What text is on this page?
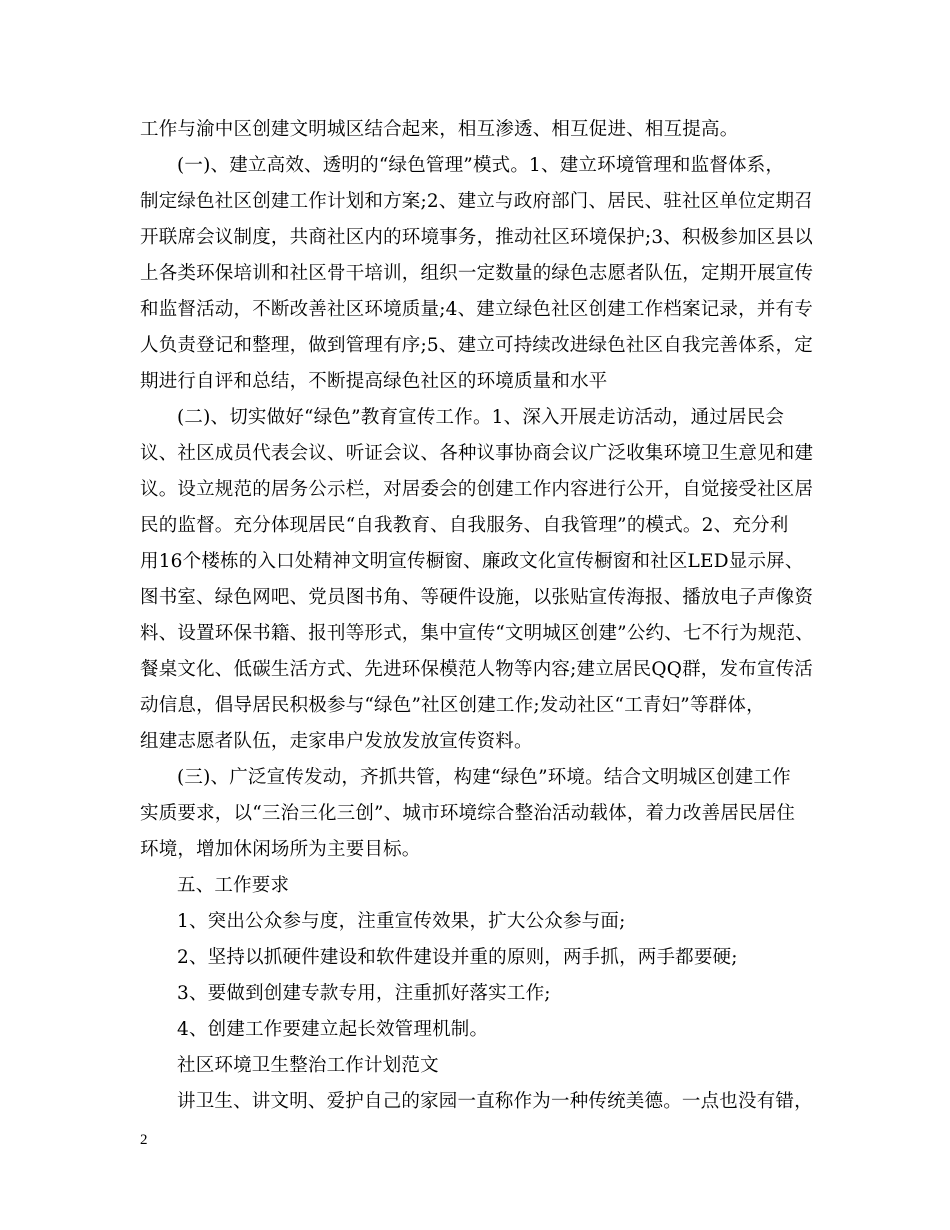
工作与渝中区创建文明城区结合起来，相互渗透、相互促进、相互提高。
(一)、建立高效、透明的“绿色管理”模式。1、建立环境管理和监督体系，
制定绿色社区创建工作计划和方案;2、建立与政府部门、居民、驻社区单位定期召
开联席会议制度，共商社区内的环境事务，推动社区环境保护;3、积极参加区县以
上各类环保培训和社区骨干培训，组织一定数量的绿色志愿者队伍，定期开展宣传
和监督活动，不断改善社区环境质量;4、建立绿色社区创建工作档案记录，并有专
人负责登记和整理，做到管理有序;5、建立可持续改进绿色社区自我完善体系，定
期进行自评和总结，不断提高绿色社区的环境质量和水平
(二)、切实做好“绿色”教育宣传工作。1、深入开展走访活动，通过居民会
议、社区成员代表会议、听证会议、各种议事协商会议广泛收集环境卫生意见和建
议。设立规范的居务公示栏，对居委会的创建工作内容进行公开，自觉接受社区居
民的监督。充分体现居民“自我教育、自我服务、自我管理”的模式。2、充分利
用16个楼栋的入口处精神文明宣传橱窗、廉政文化宣传橱窗和社区LED显示屏、
图书室、绿色网吧、党员图书角、等硬件设施，以张贴宣传海报、播放电子声像资
料、设置环保书籍、报刊等形式，集中宣传“文明城区创建”公约、七不行为规范、
餐桌文化、低碳生活方式、先进环保模范人物等内容;建立居民QQ群，发布宣传活
动信息，倡导居民积极参与“绿色”社区创建工作;发动社区“工青妇”等群体，
组建志愿者队伍，走家串户发放发放宣传资料。
(三)、广泛宣传发动，齐抓共管，构建“绿色”环境。结合文明城区创建工作
实质要求，以“三治三化三创”、城市环境综合整治活动载体，着力改善居民居住
环境，增加休闲场所为主要目标。
五、工作要求
1、突出公众参与度，注重宣传效果，扩大公众参与面;
2、坚持以抓硬件建设和软件建设并重的原则，两手抓，两手都要硬;
3、要做到创建专款专用，注重抓好落实工作;
4、创建工作要建立起长效管理机制。
社区环境卫生整治工作计划范文
讲卫生、讲文明、爱护自己的家园一直称作为一种传统美德。一点也没有错，
2
